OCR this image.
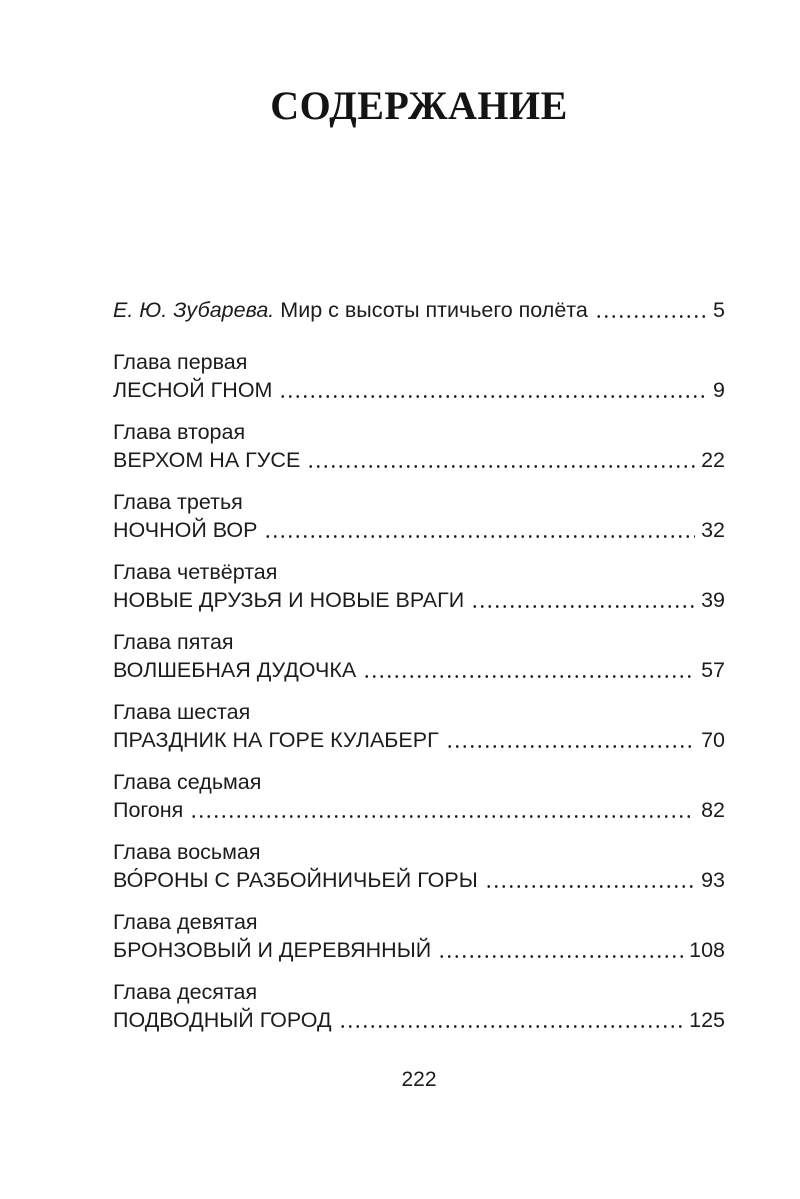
СОДЕРЖАНИЕ
Е. Ю. Зубарева. Мир с высоты птичьего полёта	5
Глава первая
ЛЕСНОЙ ГНОМ	9
Глава вторая
ВЕРХОМ НА ГУСЕ	22
Глава третья
НОЧНОЙ ВОР	32
Глава четвёртая
НОВЫЕ ДРУЗЬЯ И НОВЫЕ ВРАГИ	39
Глава пятая
ВОЛШЕБНАЯ ДУДОЧКА	57
Глава шестая
ПРАЗДНИК НА ГОРЕ КУЛАБЕРГ	70
Глава седьмая
Погоня	82
Глава восьмая
ВО́РОНЫ С РАЗБОЙНИЧЬЕЙ ГОРЫ	93
Глава девятая
БРОНЗОВЫЙ И ДЕРЕВЯННЫЙ	108
Глава десятая
ПОДВОДНЫЙ ГОРОД	125
222
